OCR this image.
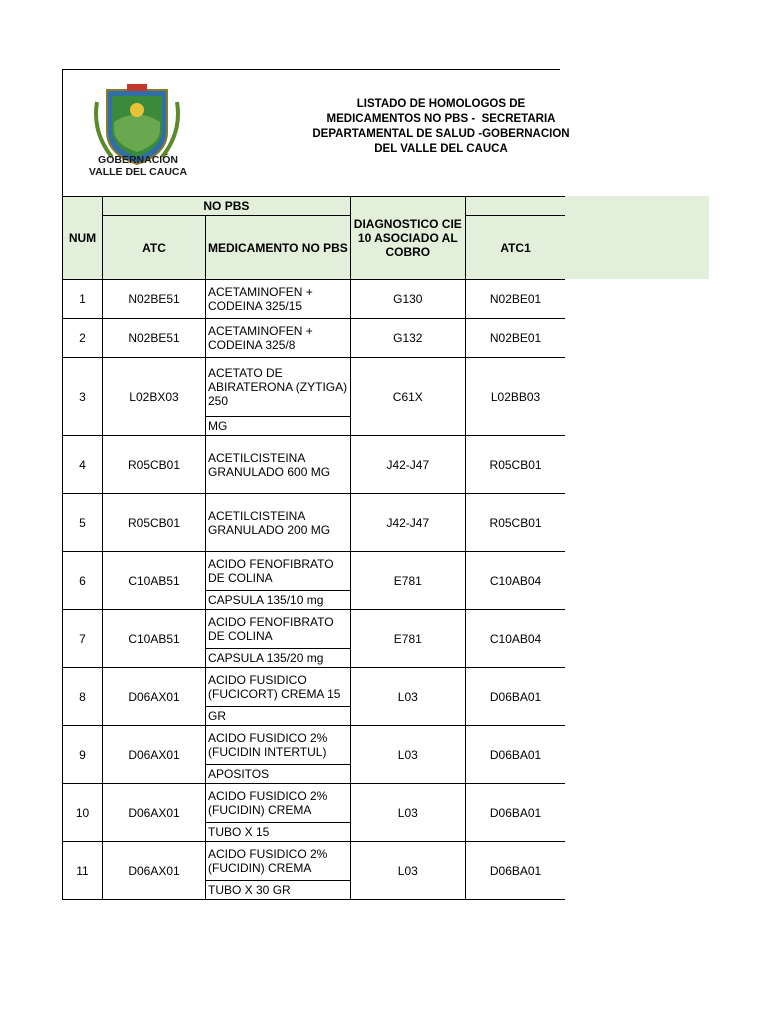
GOBERNACIÓN
VALLE DEL CAUCA
LISTADO DE HOMOLOGOS DE
MEDICAMENTOS NO PBS -  SECRETARIA
DEPARTAMENTAL DE SALUD -GOBERNACION
DEL VALLE DEL CAUCA
NUM	NO PBS		DIAGNOSTICO CIE 10 ASOCIADO AL COBRO	
	ATC	MEDICAMENTO NO PBS		ATC1
1	N02BE51	ACETAMINOFEN + CODEINA 325/15	G130	N02BE01
2	N02BE51	ACETAMINOFEN + CODEINA 325/8	G132	N02BE01
3	L02BX03	ACETATO DE ABIRATERONA (ZYTIGA) 250	C61X	L02BB03
		MG		
4	R05CB01	ACETILCISTEINA GRANULADO 600 MG	J42-J47	R05CB01
5	R05CB01	ACETILCISTEINA GRANULADO 200 MG	J42-J47	R05CB01
6	C10AB51	ACIDO FENOFIBRATO DE COLINA	E781	C10AB04
		CAPSULA 135/10 mg		
7	C10AB51	ACIDO FENOFIBRATO DE COLINA	E781	C10AB04
		CAPSULA 135/20 mg		
8	D06AX01	ACIDO FUSIDICO (FUCICORT) CREMA 15	L03	D06BA01
		GR		
9	D06AX01	ACIDO FUSIDICO 2% (FUCIDIN INTERTUL)	L03	D06BA01
		APOSITOS		
10	D06AX01	ACIDO FUSIDICO 2% (FUCIDIN) CREMA	L03	D06BA01
		TUBO X 15		
11	D06AX01	ACIDO FUSIDICO 2% (FUCIDIN) CREMA	L03	D06BA01
		TUBO X 30 GR		
